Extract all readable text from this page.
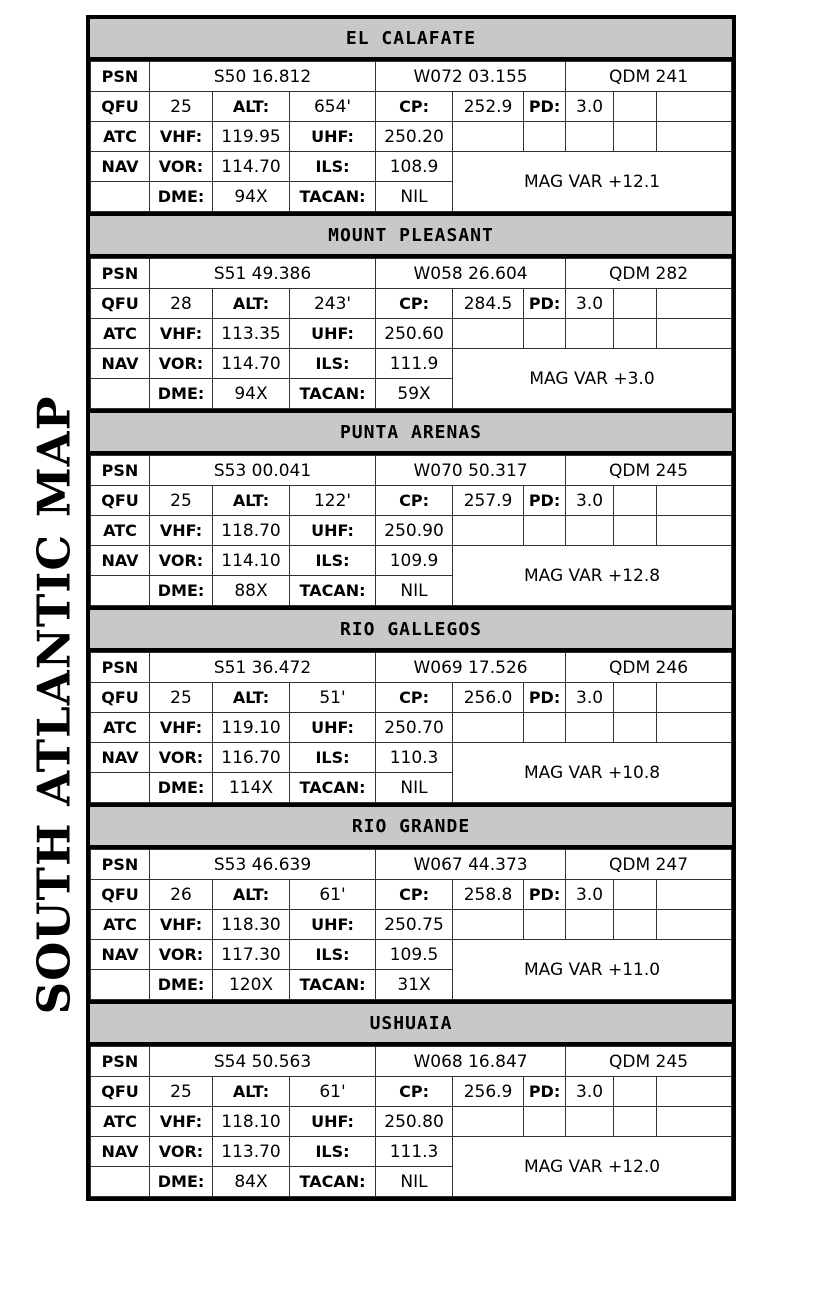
SOUTH ATLANTIC MAP
EL CALAFATE
PSN	S50 16.812			W072 03.155			QDM 241		
QFU	25	ALT:	654'	CP:	252.9	PD:	3.0		
ATC	VHF:	119.95	UHF:	250.20					
NAV	VOR:	114.70	ILS:	108.9	MAG VAR +12.1				
	DME:	94X	TACAN:	NIL					
MOUNT PLEASANT
PSN	S51 49.386			W058 26.604			QDM 282		
QFU	28	ALT:	243'	CP:	284.5	PD:	3.0		
ATC	VHF:	113.35	UHF:	250.60					
NAV	VOR:	114.70	ILS:	111.9	MAG VAR +3.0				
	DME:	94X	TACAN:	59X					
PUNTA ARENAS
PSN	S53 00.041			W070 50.317			QDM 245		
QFU	25	ALT:	122'	CP:	257.9	PD:	3.0		
ATC	VHF:	118.70	UHF:	250.90					
NAV	VOR:	114.10	ILS:	109.9	MAG VAR +12.8				
	DME:	88X	TACAN:	NIL					
RIO GALLEGOS
PSN	S51 36.472			W069 17.526			QDM 246		
QFU	25	ALT:	51'	CP:	256.0	PD:	3.0		
ATC	VHF:	119.10	UHF:	250.70					
NAV	VOR:	116.70	ILS:	110.3	MAG VAR +10.8				
	DME:	114X	TACAN:	NIL					
RIO GRANDE
PSN	S53 46.639			W067 44.373			QDM 247		
QFU	26	ALT:	61'	CP:	258.8	PD:	3.0		
ATC	VHF:	118.30	UHF:	250.75					
NAV	VOR:	117.30	ILS:	109.5	MAG VAR +11.0				
	DME:	120X	TACAN:	31X					
USHUAIA
PSN	S54 50.563			W068 16.847			QDM 245		
QFU	25	ALT:	61'	CP:	256.9	PD:	3.0		
ATC	VHF:	118.10	UHF:	250.80					
NAV	VOR:	113.70	ILS:	111.3	MAG VAR +12.0				
	DME:	84X	TACAN:	NIL					
